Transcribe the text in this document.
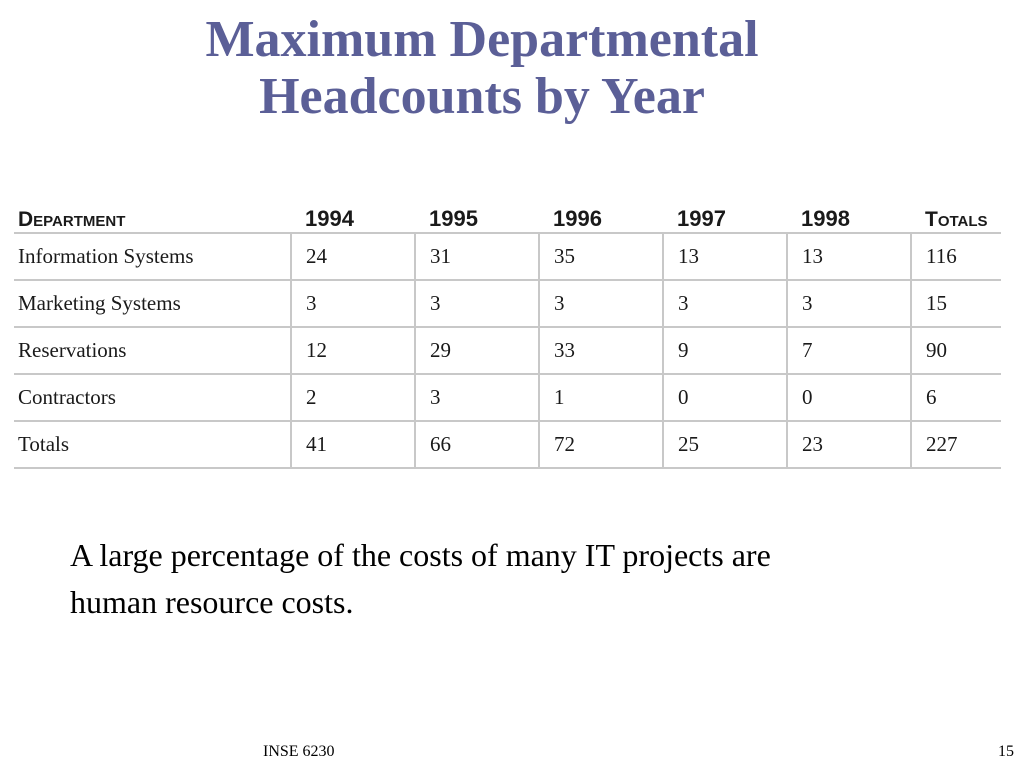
Maximum Departmental
Headcounts by Year
Department	1994	1995	1996	1997	1998	Totals
Information Systems	24	31	35	13	13	116
Marketing Systems	3	3	3	3	3	15
Reservations	12	29	33	9	7	90
Contractors	2	3	1	0	0	6
Totals	41	66	72	25	23	227

A large percentage of the costs of many IT projects are
human resource costs.

INSE 6230	15
